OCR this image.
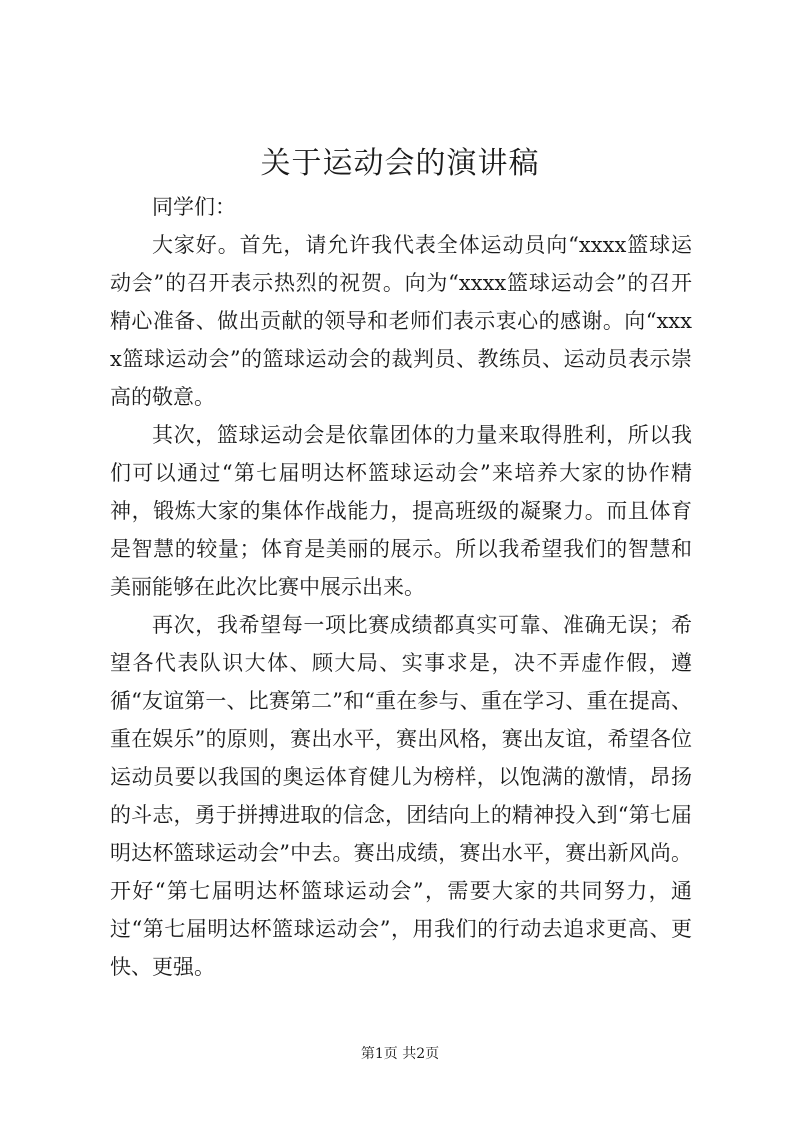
关于运动会的演讲稿

同学们：

大家好。首先，请允许我代表全体运动员向“xxxx篮球运动会”的召开表示热烈的祝贺。向为“xxxx篮球运动会”的召开精心准备、做出贡献的领导和老师们表示衷心的感谢。向“xxxx篮球运动会”的篮球运动会的裁判员、教练员、运动员表示崇高的敬意。

其次，篮球运动会是依靠团体的力量来取得胜利，所以我们可以通过“第七届明达杯篮球运动会”来培养大家的协作精神，锻炼大家的集体作战能力，提高班级的凝聚力。而且体育是智慧的较量；体育是美丽的展示。所以我希望我们的智慧和美丽能够在此次比赛中展示出来。

再次，我希望每一项比赛成绩都真实可靠、准确无误；希望各代表队识大体、顾大局、实事求是，决不弄虚作假，遵循“友谊第一、比赛第二”和“重在参与、重在学习、重在提高、重在娱乐”的原则，赛出水平，赛出风格，赛出友谊，希望各位运动员要以我国的奥运体育健儿为榜样，以饱满的激情，昂扬的斗志，勇于拼搏进取的信念，团结向上的精神投入到“第七届明达杯篮球运动会”中去。赛出成绩，赛出水平，赛出新风尚。开好“第七届明达杯篮球运动会”，需要大家的共同努力，通过“第七届明达杯篮球运动会”，用我们的行动去追求更高、更快、更强。

第1页 共2页
